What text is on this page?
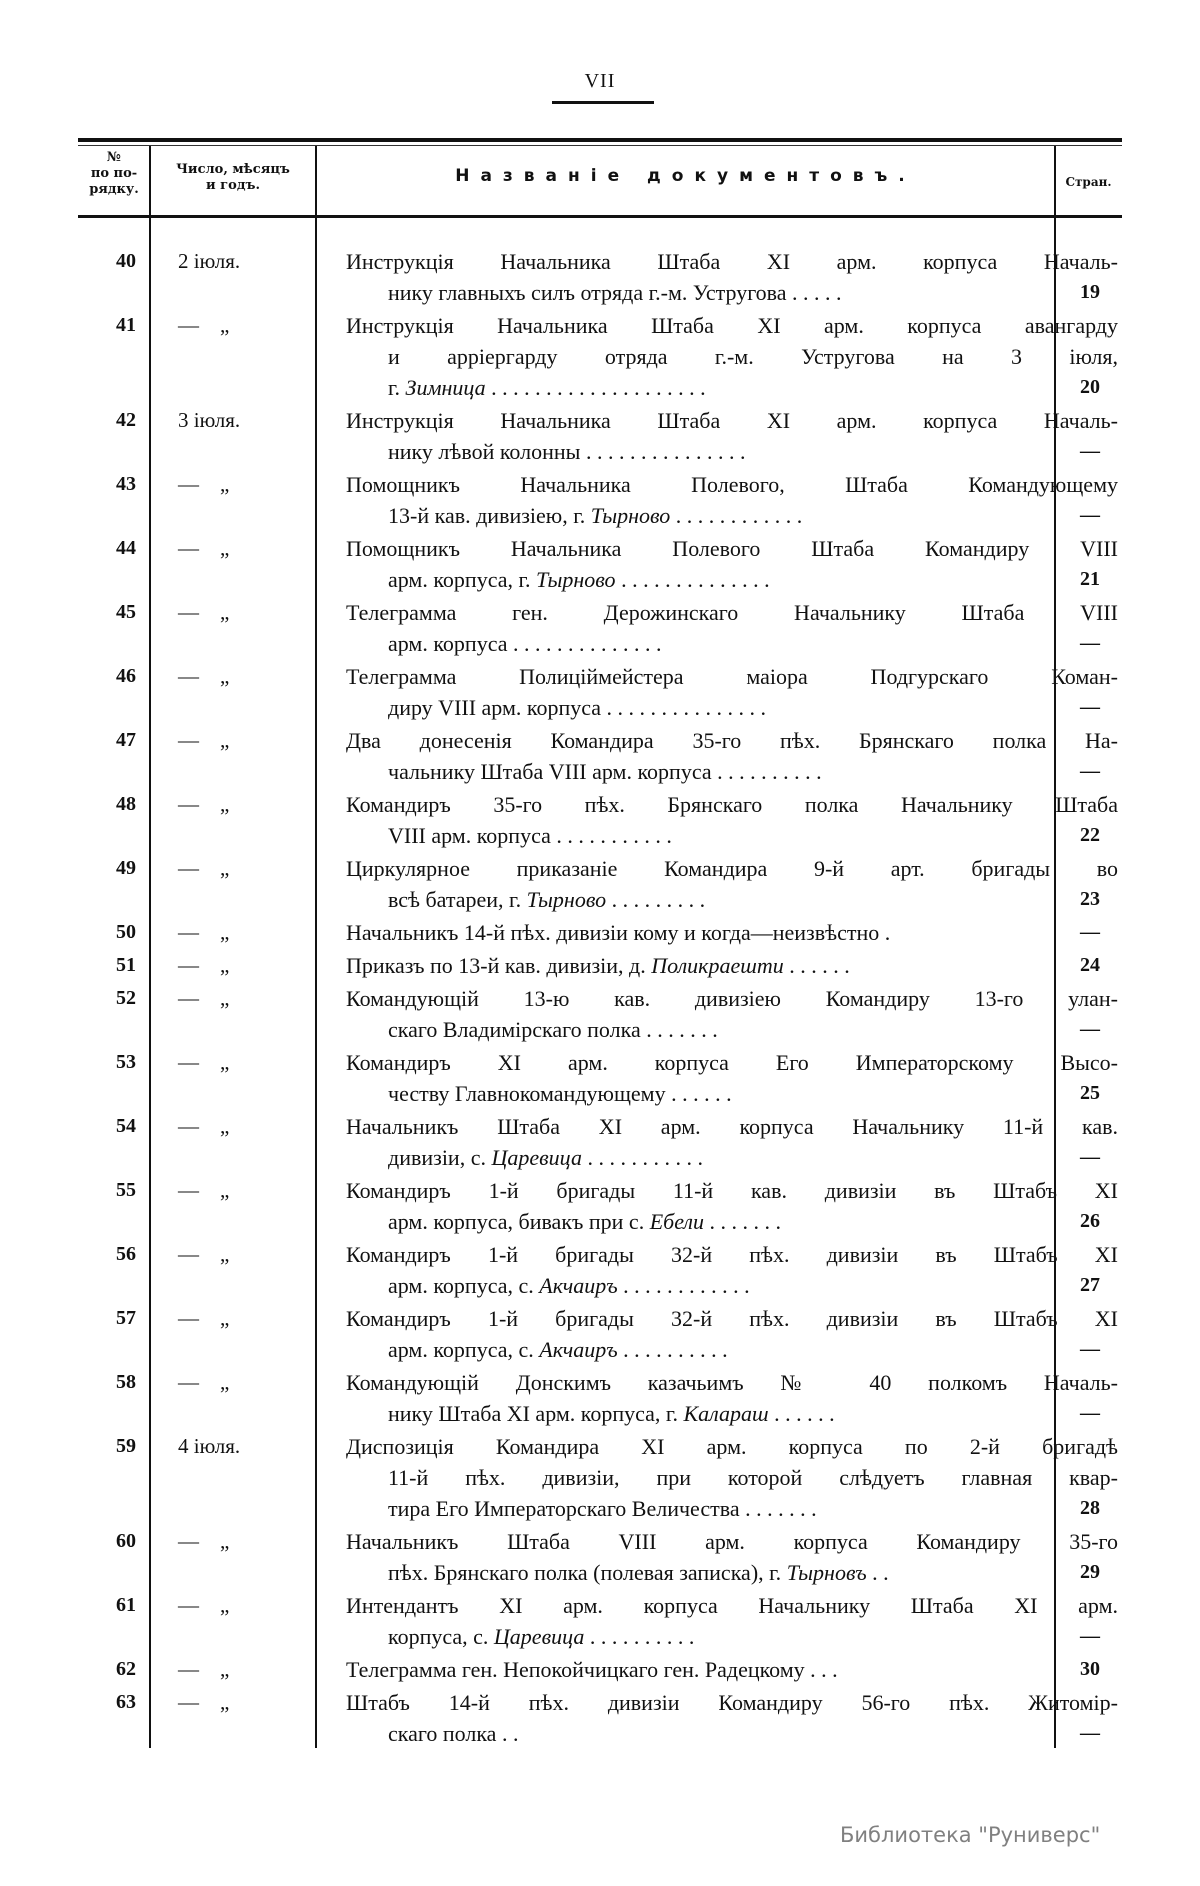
VII
№
по по-
рядку.
Число, мѣсяцъ
и годъ.	Названіе документовъ.	Стран.
40 2 іюля.	Инструкція Начальника Штаба XI арм. корпуса Началь-
нику главныхъ силъ отряда г.-м. Устругова . . . . .	19
41 —    „	Инструкція Начальника Штаба XI арм. корпуса авангарду
и арріергарду отряда г.-м. Устругова на 3 іюля,
г. Зимница . . . . . . . . . . . . . . . . . . . .	20
42 3 іюля.	Инструкція Начальника Штаба XI арм. корпуса Началь-
нику лѣвой колонны . . . . . . . . . . . . . . .	—
43 —    „	Помощникъ Начальника Полевого, Штаба Командующему
13-й кав. дивизіею, г. Тырново . . . . . . . . . . . .	—
44 —    „	Помощникъ Начальника Полевого Штаба Командиру VIII
арм. корпуса, г. Тырново . . . . . . . . . . . . . .	21
45 —    „	Телеграмма ген. Дерожинскаго Начальнику Штаба VIII
арм. корпуса . . . . . . . . . . . . . .	—
46 —    „	Телеграмма Полиціймейстера маіора Подгурскаго Коман-
диру VIII арм. корпуса . . . . . . . . . . . . . . .	—
47 —    „	Два донесенія Командира 35-го пѣх. Брянскаго полка На-
чальнику Штаба VIII арм. корпуса . . . . . . . . . .	—
48 —    „	Командиръ 35-го пѣх. Брянскаго полка Начальнику Штаба
VIII арм. корпуса . . . . . . . . . . .	22
49 —    „	Циркулярное приказаніе Командира 9-й арт. бригады во
всѣ батареи, г. Тырново . . . . . . . . .	23
50 —    „	Начальникъ 14-й пѣх. дивизіи кому и когда—неизвѣстно .	—
51 —    „	Приказъ по 13-й кав. дивизіи, д. Поликраешти . . . . . .	24
52 —    „	Командующій 13-ю кав. дивизіею Командиру 13-го улан-
скаго Владимірскаго полка . . . . . . .	—
53 —    „	Командиръ XI арм. корпуса Его Императорскому Высо-
честву Главнокомандующему . . . . . .	25
54 —    „	Начальникъ Штаба XI арм. корпуса Начальнику 11-й кав.
дивизіи, с. Царевица . . . . . . . . . . .	—
55 —    „	Командиръ 1-й бригады 11-й кав. дивизіи въ Штабъ XI
арм. корпуса, бивакъ при с. Ебели . . . . . . .	26
56 —    „	Командиръ 1-й бригады 32-й пѣх. дивизіи въ Штабъ XI
арм. корпуса, с. Акчаиръ . . . . . . . . . . . .	27
57 —    „	Командиръ 1-й бригады 32-й пѣх. дивизіи въ Штабъ XI
арм. корпуса, с. Акчаиръ . . . . . . . . . .	—
58 —    „	Командующій Донскимъ казачьимъ № 40 полкомъ Началь-
нику Штаба XI арм. корпуса, г. Калараш . . . . . .	—
59 4 іюля.	Диспозиція Командира XI арм. корпуса по 2-й бригадѣ
11-й пѣх. дивизіи, при которой слѣдуетъ главная квар-
тира Его Императорскаго Величества . . . . . . .	28
60 —    „	Начальникъ Штаба VIII арм. корпуса Командиру 35-го
пѣх. Брянскаго полка (полевая записка), г. Тырновъ . .	29
61 —    „	Интендантъ XI арм. корпуса Начальнику Штаба XI арм.
корпуса, с. Царевица . . . . . . . . . .	—
62 —    „	Телеграмма ген. Непокойчицкаго ген. Радецкому . . .	30
63 —    „	Штабъ 14-й пѣх. дивизіи Командиру 56-го пѣх. Житомір-
скаго полка . .	—
Библиотека "Руниверс"
